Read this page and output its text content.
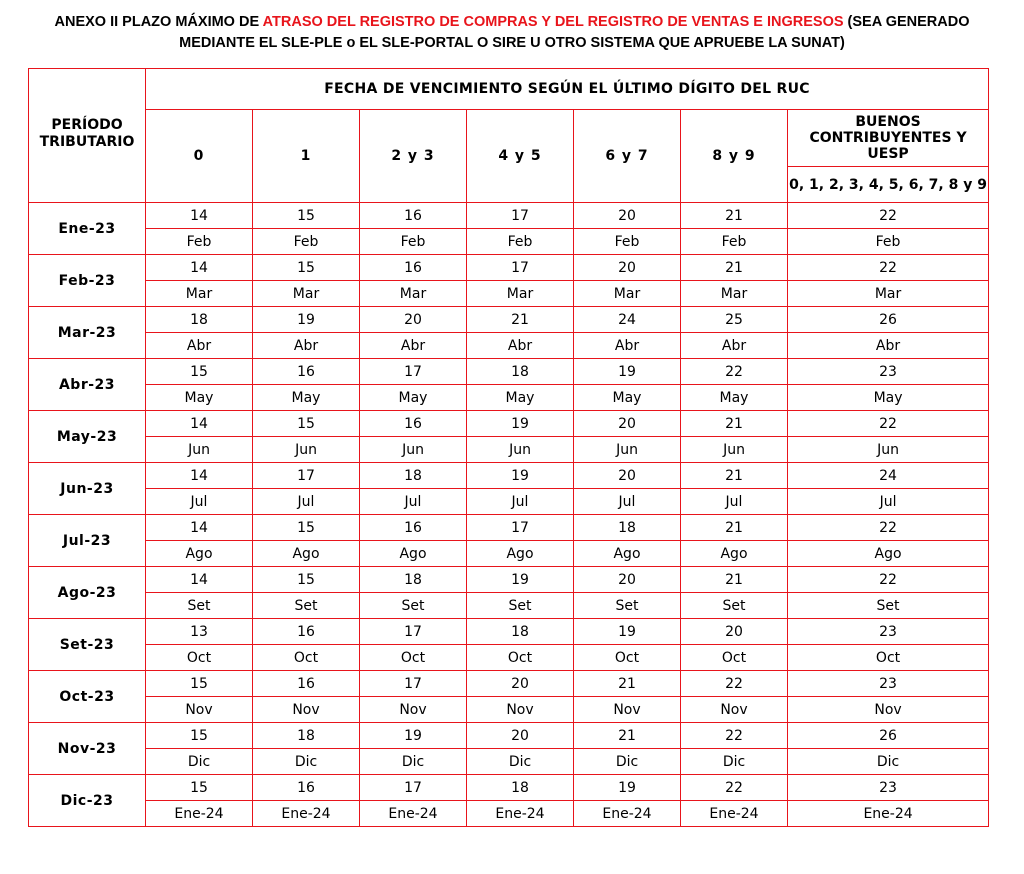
ANEXO II PLAZO MÁXIMO DE ATRASO DEL REGISTRO DE COMPRAS Y DEL REGISTRO DE VENTAS E INGRESOS (SEA GENERADO
MEDIANTE EL SLE-PLE o EL SLE-PORTAL O SIRE U OTRO SISTEMA QUE APRUEBE LA SUNAT)
PERÍODO TRIBUTARIO	FECHA DE VENCIMIENTO SEGÚN EL ÚLTIMO DÍGITO DEL RUC						
	0	1	2 y 3	4 y 5	6 y 7	8 y 9	BUENOS CONTRIBUYENTES Y UESP
							0, 1, 2, 3, 4, 5, 6, 7, 8 y 9
Ene-23	14	15	16	17	20	21	22
	Feb	Feb	Feb	Feb	Feb	Feb	Feb
Feb-23	14	15	16	17	20	21	22
	Mar	Mar	Mar	Mar	Mar	Mar	Mar
Mar-23	18	19	20	21	24	25	26
	Abr	Abr	Abr	Abr	Abr	Abr	Abr
Abr-23	15	16	17	18	19	22	23
	May	May	May	May	May	May	May
May-23	14	15	16	19	20	21	22
	Jun	Jun	Jun	Jun	Jun	Jun	Jun
Jun-23	14	17	18	19	20	21	24
	Jul	Jul	Jul	Jul	Jul	Jul	Jul
Jul-23	14	15	16	17	18	21	22
	Ago	Ago	Ago	Ago	Ago	Ago	Ago
Ago-23	14	15	18	19	20	21	22
	Set	Set	Set	Set	Set	Set	Set
Set-23	13	16	17	18	19	20	23
	Oct	Oct	Oct	Oct	Oct	Oct	Oct
Oct-23	15	16	17	20	21	22	23
	Nov	Nov	Nov	Nov	Nov	Nov	Nov
Nov-23	15	18	19	20	21	22	26
	Dic	Dic	Dic	Dic	Dic	Dic	Dic
Dic-23	15	16	17	18	19	22	23
	Ene-24	Ene-24	Ene-24	Ene-24	Ene-24	Ene-24	Ene-24
